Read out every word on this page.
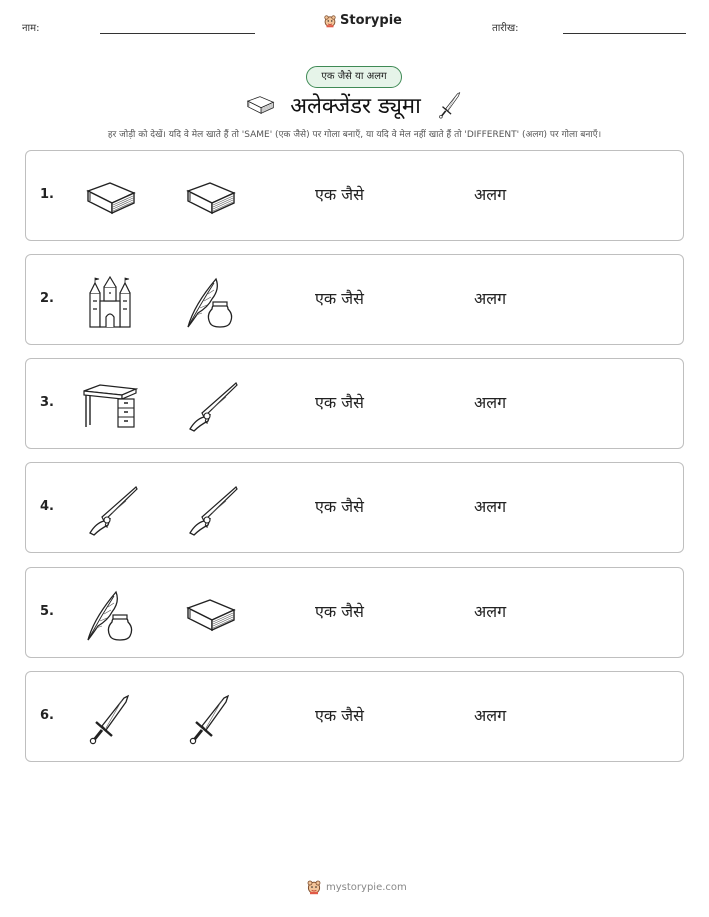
नाम:
Storypie
तारीख:
एक जैसे या अलग
अलेक्जेंडर ड्यूमा
हर जोड़ी को देखें। यदि वे मेल खाते हैं तो 'SAME' (एक जैसे) पर गोला बनाएँ, या यदि वे मेल नहीं खाते हैं तो 'DIFFERENT' (अलग) पर गोला बनाएँ।
1.	एक जैसे	अलग
2.	एक जैसे	अलग
3.	एक जैसे	अलग
4.	एक जैसे	अलग
5.	एक जैसे	अलग
6.	एक जैसे	अलग
mystorypie.com
